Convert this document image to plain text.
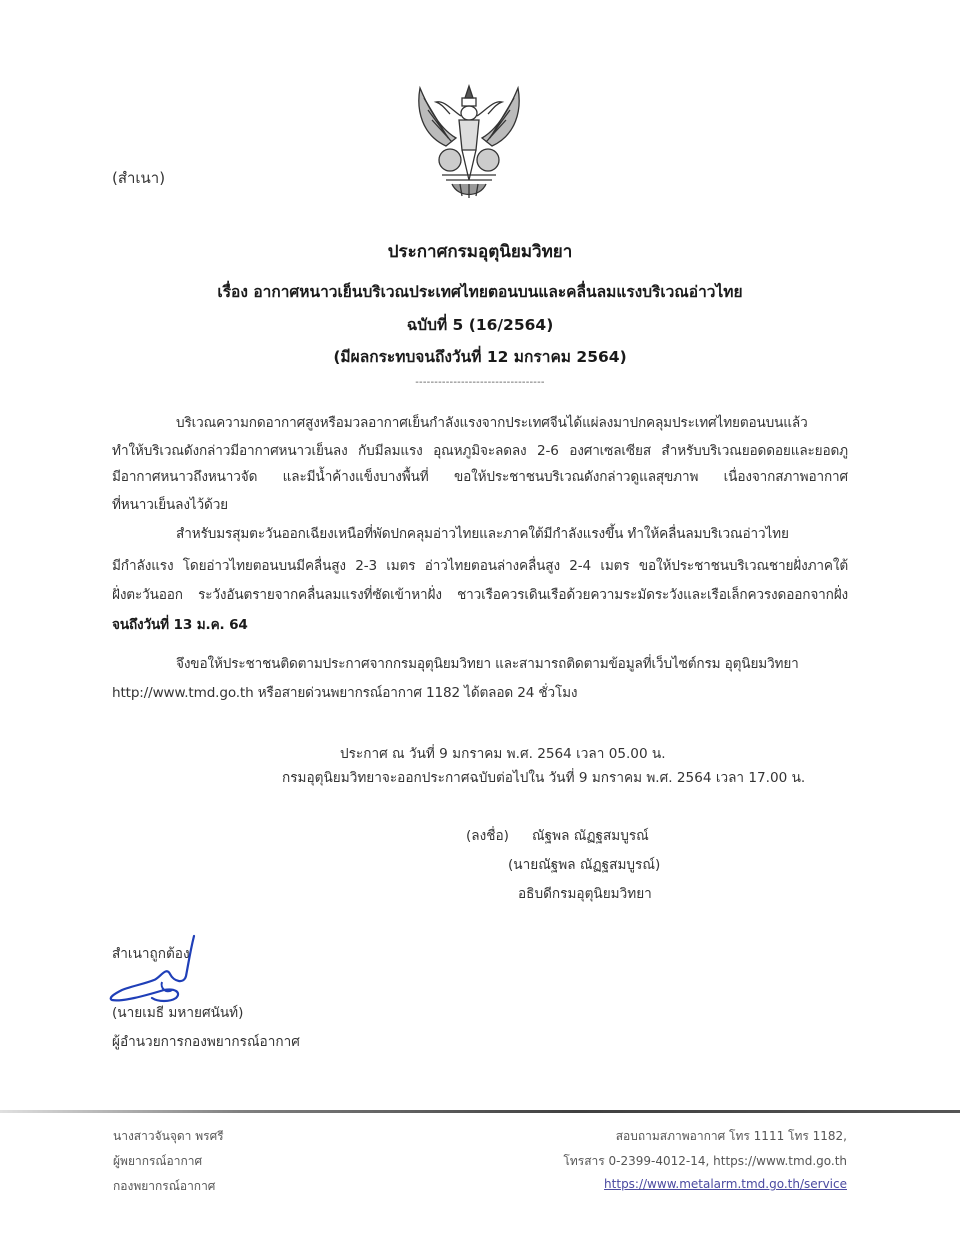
(สำเนา)
ประกาศกรมอุตุนิยมวิทยา
เรื่อง อากาศหนาวเย็นบริเวณประเทศไทยตอนบนและคลื่นลมแรงบริเวณอ่าวไทย
ฉบับที่ 5 (16/2564)
(มีผลกระทบจนถึงวันที่ 12 มกราคม 2564)
----------------------------------
บริเวณความกดอากาศสูงหรือมวลอากาศเย็นกำลังแรงจากประเทศจีนได้แผ่ลงมาปกคลุมประเทศไทยตอนบนแล้ว
ทำให้บริเวณดังกล่าวมีอากาศหนาวเย็นลง กับมีลมแรง อุณหภูมิจะลดลง 2-6 องศาเซลเซียส สำหรับบริเวณยอดดอยและยอดภู
มีอากาศหนาวถึงหนาวจัด และมีน้ำค้างแข็งบางพื้นที่ ขอให้ประชาชนบริเวณดังกล่าวดูแลสุขภาพ เนื่องจากสภาพอากาศ
ที่หนาวเย็นลงไว้ด้วย
สำหรับมรสุมตะวันออกเฉียงเหนือที่พัดปกคลุมอ่าวไทยและภาคใต้มีกำลังแรงขึ้น ทำให้คลื่นลมบริเวณอ่าวไทย
มีกำลังแรง โดยอ่าวไทยตอนบนมีคลื่นสูง 2-3 เมตร อ่าวไทยตอนล่างคลื่นสูง 2-4 เมตร ขอให้ประชาชนบริเวณชายฝั่งภาคใต้
ฝั่งตะวันออก ระวังอันตรายจากคลื่นลมแรงที่ซัดเข้าหาฝั่ง ชาวเรือควรเดินเรือด้วยความระมัดระวังและเรือเล็กควรงดออกจากฝั่ง
จนถึงวันที่ 13 ม.ค. 64
จึงขอให้ประชาชนติดตามประกาศจากกรมอุตุนิยมวิทยา และสามารถติดตามข้อมูลที่เว็บไซต์กรม อุตุนิยมวิทยา
http://www.tmd.go.th หรือสายด่วนพยากรณ์อากาศ 1182 ได้ตลอด 24 ชั่วโมง
ประกาศ ณ วันที่ 9 มกราคม พ.ศ. 2564 เวลา 05.00 น.
กรมอุตุนิยมวิทยาจะออกประกาศฉบับต่อไปใน วันที่ 9 มกราคม พ.ศ. 2564 เวลา 17.00 น.
(ลงชื่อ) ณัฐพล ณัฏฐสมบูรณ์
(นายณัฐพล ณัฏฐสมบูรณ์)
อธิบดีกรมอุตุนิยมวิทยา
สำเนาถูกต้อง
(นายเมธี มหายศนันท์)
ผู้อำนวยการกองพยากรณ์อากาศ
นางสาวจันจุดา พรศรี
ผู้พยากรณ์อากาศ
กองพยากรณ์อากาศ
สอบถามสภาพอากาศ โทร 1111 โทร 1182,
โทรสาร 0-2399-4012-14, https://www.tmd.go.th
https://www.metalarm.tmd.go.th/service
